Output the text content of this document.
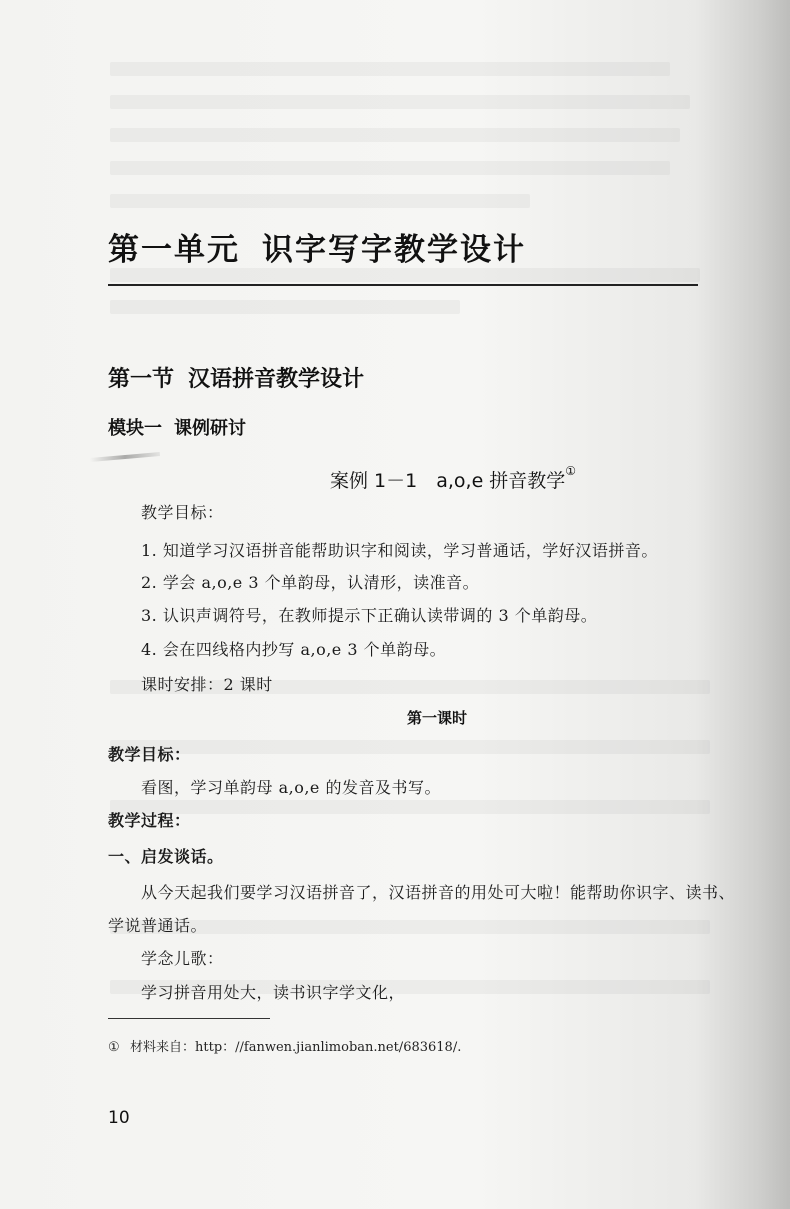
第一单元 识字写字教学设计
第一节 汉语拼音教学设计
模块一 课例研讨
案例 1－1　a,o,e 拼音教学①
教学目标：
1. 知道学习汉语拼音能帮助识字和阅读，学习普通话，学好汉语拼音。
2. 学会 a,o,e 3 个单韵母，认清形，读准音。
3. 认识声调符号，在教师提示下正确认读带调的 3 个单韵母。
4. 会在四线格内抄写 a,o,e 3 个单韵母。
课时安排：2 课时
第一课时
教学目标：
看图，学习单韵母 a,o,e 的发音及书写。
教学过程：
一、启发谈话。
从今天起我们要学习汉语拼音了，汉语拼音的用处可大啦！能帮助你识字、读书、
学说普通话。
学念儿歌：
学习拼音用处大，读书识字学文化，
① 材料来自：http：//fanwen.jianlimoban.net/683618/.
10
